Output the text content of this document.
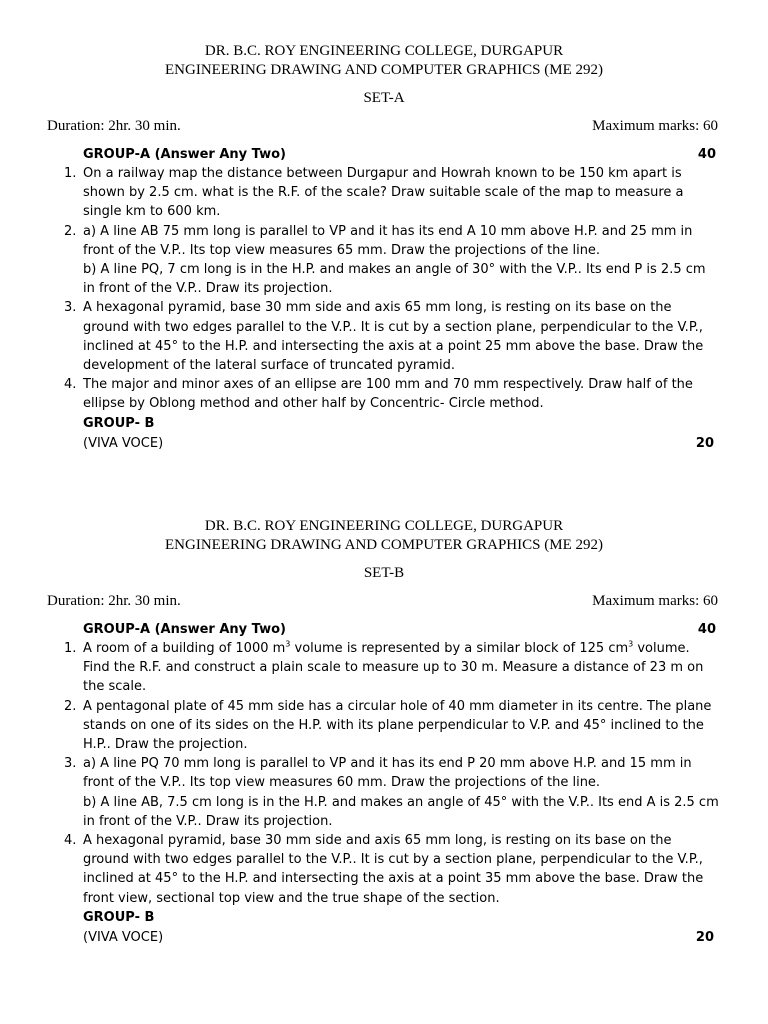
DR. B.C. ROY ENGINEERING COLLEGE, DURGAPUR
ENGINEERING DRAWING AND COMPUTER GRAPHICS (ME 292)
SET-A
Duration: 2hr. 30 min.	Maximum marks: 60
GROUP-A (Answer Any Two)	40
1. On a railway map the distance between Durgapur and Howrah known to be 150 km apart is shown by 2.5 cm. what is the R.F. of the scale? Draw suitable scale of the map to measure a single km to 600 km.
2. a) A line AB 75 mm long is parallel to VP and it has its end A 10 mm above H.P. and 25 mm in front of the V.P.. Its top view measures 65 mm. Draw the projections of the line.
b) A line PQ, 7 cm long is in the H.P. and makes an angle of 30° with the V.P.. Its end P is 2.5 cm in front of the V.P.. Draw its projection.
3. A hexagonal pyramid, base 30 mm side and axis 65 mm long, is resting on its base on the ground with two edges parallel to the V.P.. It is cut by a section plane, perpendicular to the V.P., inclined at 45° to the H.P. and intersecting the axis at a point 25 mm above the base. Draw the development of the lateral surface of truncated pyramid.
4. The major and minor axes of an ellipse are 100 mm and 70 mm respectively. Draw half of the ellipse by Oblong method and other half by Concentric- Circle method.
GROUP- B
(VIVA VOCE)	20
DR. B.C. ROY ENGINEERING COLLEGE, DURGAPUR
ENGINEERING DRAWING AND COMPUTER GRAPHICS (ME 292)
SET-B
Duration: 2hr. 30 min.	Maximum marks: 60
GROUP-A (Answer Any Two)	40
1. A room of a building of 1000 $m^3$ volume is represented by a similar block of 125 $cm^3$ volume. Find the R.F. and construct a plain scale to measure up to 30 m. Measure a distance of 23 m on the scale.
2. A pentagonal plate of 45 mm side has a circular hole of 40 mm diameter in its centre. The plane stands on one of its sides on the H.P. with its plane perpendicular to V.P. and 45° inclined to the H.P.. Draw the projection.
3. a) A line PQ 70 mm long is parallel to VP and it has its end P 20 mm above H.P. and 15 mm in front of the V.P.. Its top view measures 60 mm. Draw the projections of the line.
b) A line AB, 7.5 cm long is in the H.P. and makes an angle of 45° with the V.P.. Its end A is 2.5 cm in front of the V.P.. Draw its projection.
4. A hexagonal pyramid, base 30 mm side and axis 65 mm long, is resting on its base on the ground with two edges parallel to the V.P.. It is cut by a section plane, perpendicular to the V.P., inclined at 45° to the H.P. and intersecting the axis at a point 35 mm above the base. Draw the front view, sectional top view and the true shape of the section.
GROUP- B
(VIVA VOCE)	20
